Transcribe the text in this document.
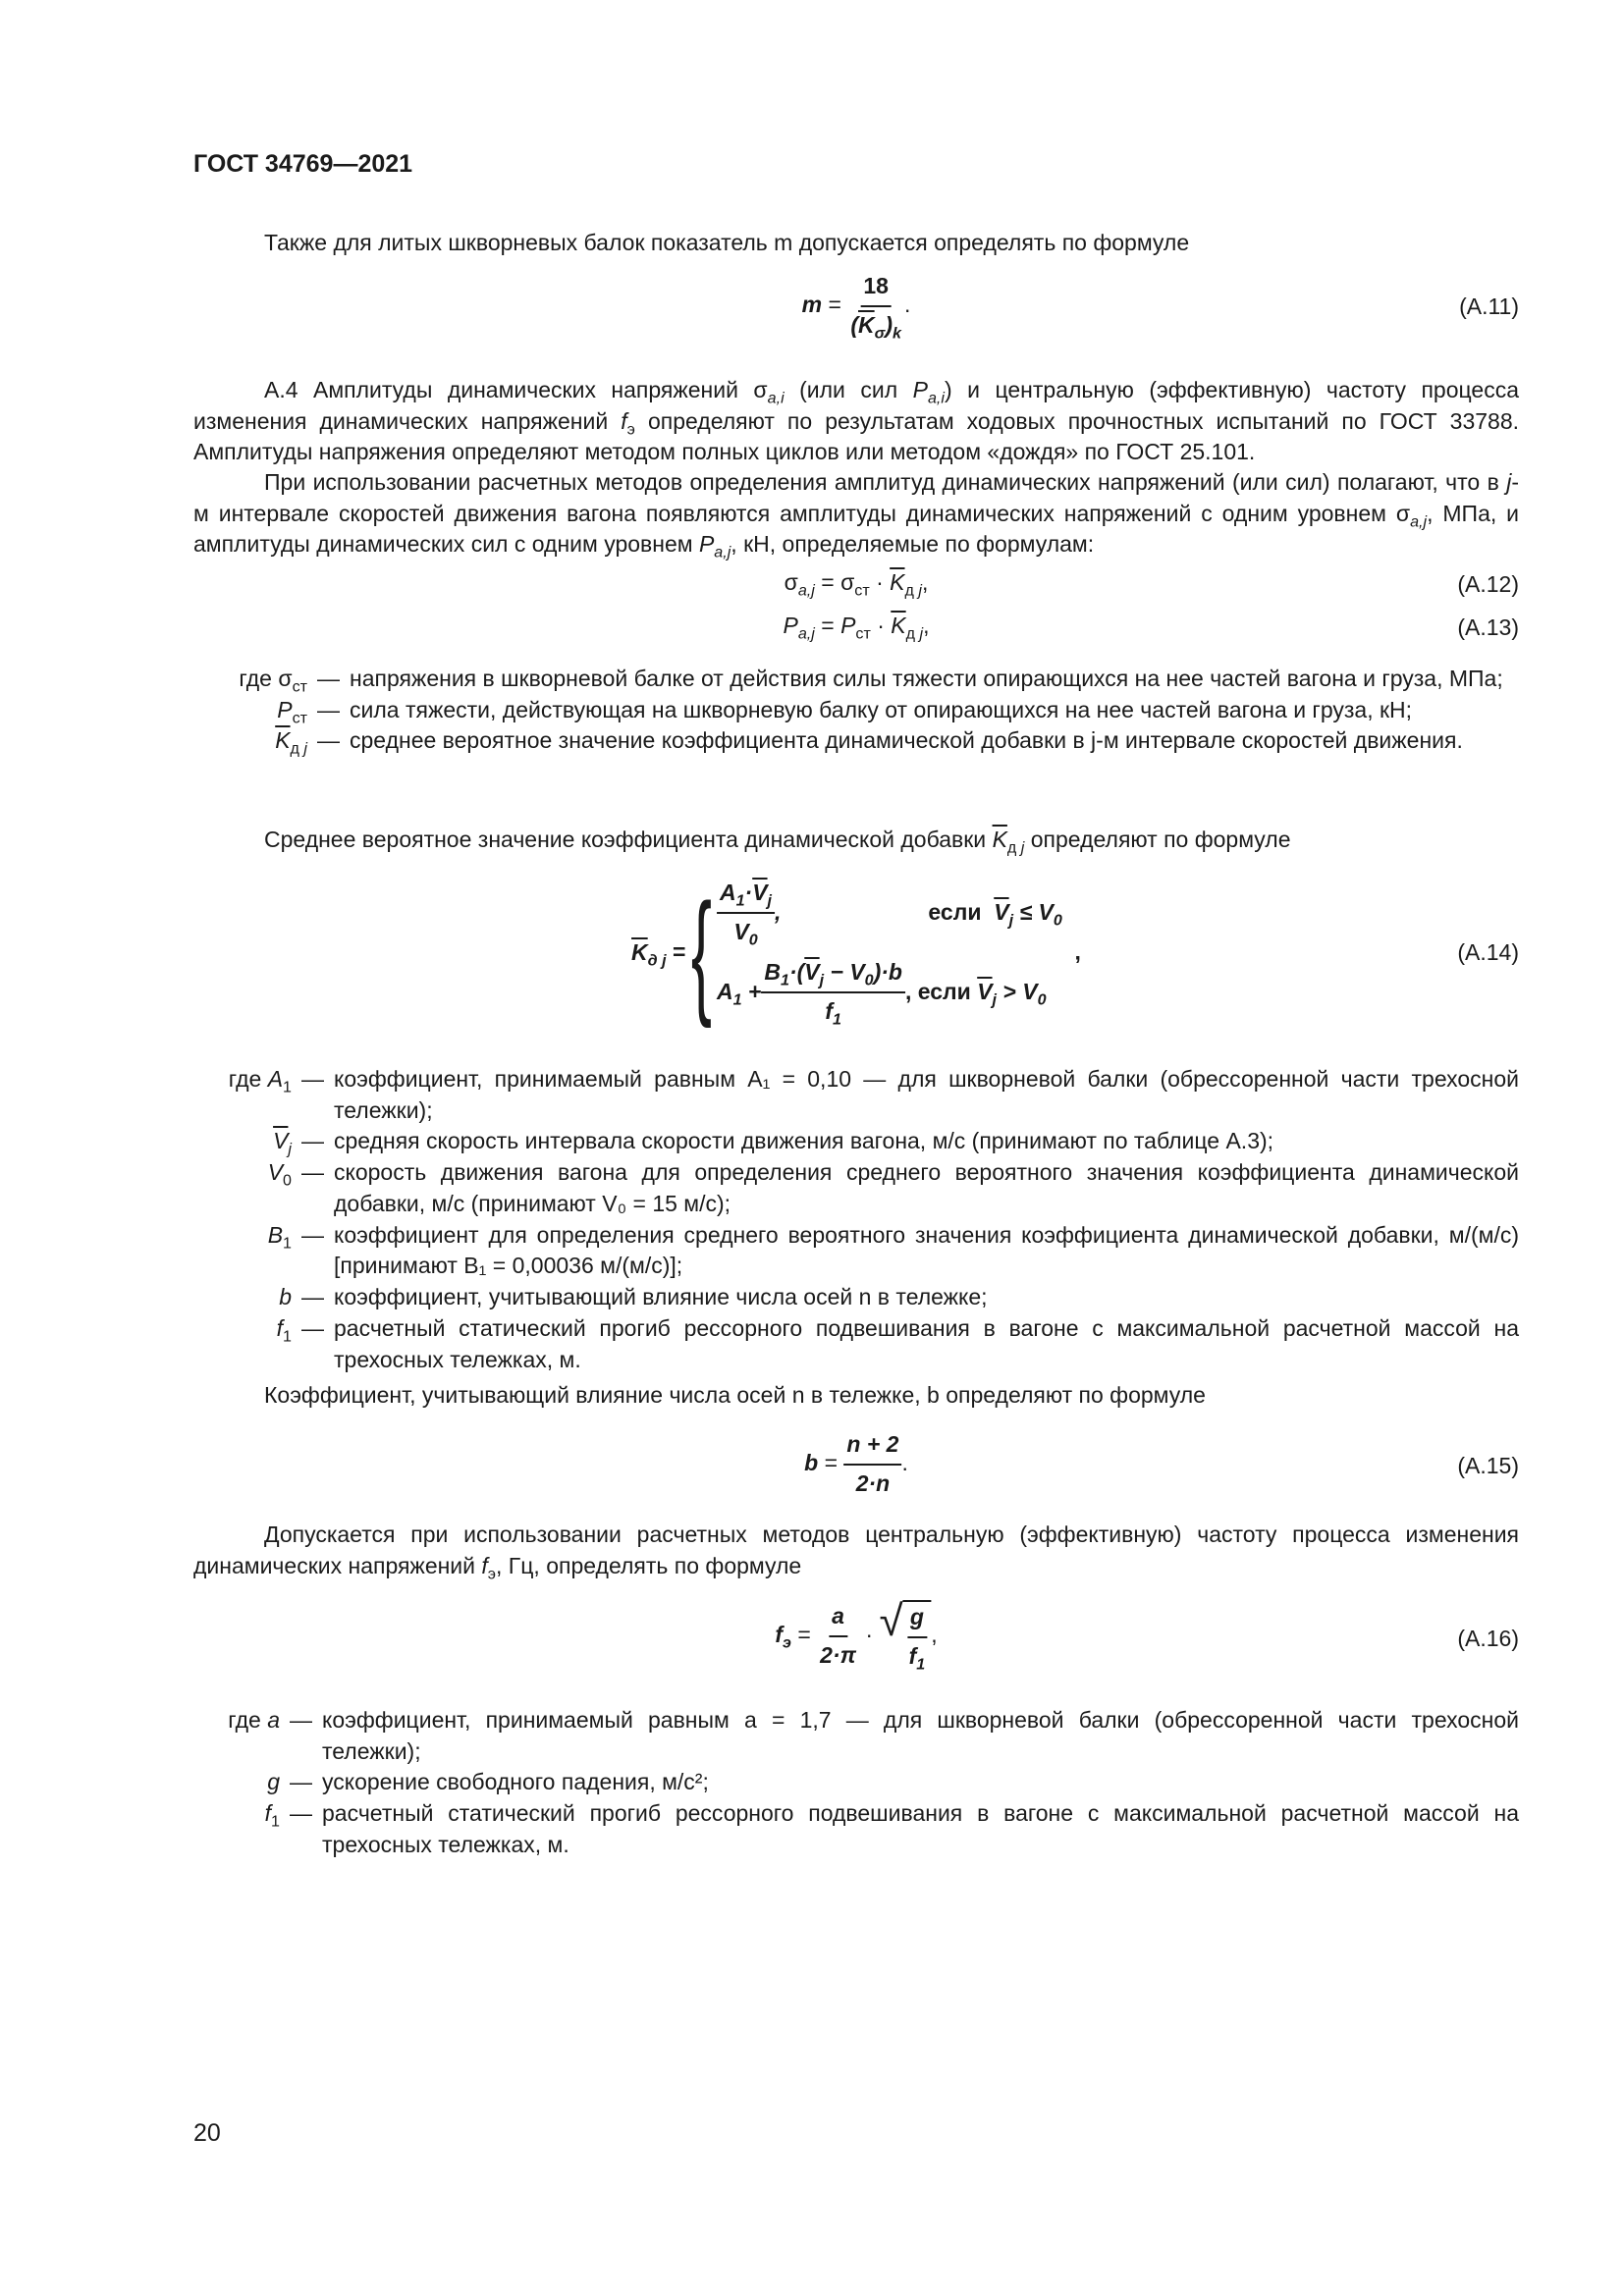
ГОСТ 34769—2021

Также для литых шкворневых балок показатель m допускается определять по формуле

$m = \frac{18}{(\overline{K}_\sigma)_k}$ .	(А.11)

А.4 Амплитуды динамических напряжений $\sigma_{a,i}$ (или сил $P_{a,i}$) и центральную (эффективную) частоту процесса изменения динамических напряжений $f_э$ определяют по результатам ходовых прочностных испытаний по ГОСТ 33788. Амплитуды напряжения определяют методом полных циклов или методом «дождя» по ГОСТ 25.101.

При использовании расчетных методов определения амплитуд динамических напряжений (или сил) полагают, что в j-м интервале скоростей движения вагона появляются амплитуды динамических напряжений с одним уровнем $\sigma_{a,j}$, МПа, и амплитуды динамических сил с одним уровнем $P_{a,j}$, кН, определяемые по формулам:

$\sigma_{a,j} = \sigma_{ст} \cdot \overline{K}_{д j}$,	(А.12)
$P_{a,j} = P_{ст} \cdot \overline{K}_{д j}$,	(А.13)
где $\sigma_{ст}$ — напряжения в шкворневой балке от действия силы тяжести опирающихся на нее частей вагона и груза, МПа;
$P_{ст}$ — сила тяжести, действующая на шкворневую балку от опирающихся на нее частей вагона и груза, кН;
$\overline{K}_{д j}$ — среднее вероятное значение коэффициента динамической добавки в j-м интервале скоростей движения.

Среднее вероятное значение коэффициента динамической добавки $\overline{K}_{д j}$ определяют по формуле

$\overline{K}_{д j}$ = { $\frac{A_1\cdot\overline{V}_j}{V_0}$ ,	если $\overline{V}_j \le V_0$
$A_1 + \frac{B_1\cdot(\overline{V}_j - V_0)\cdot b}{f_1}$ , если $\overline{V}_j > V_0$
,	(А.14)
где $A_1$ — коэффициент, принимаемый равным A₁ = 0,10 — для шкворневой балки (обрессоренной части трехосной тележки);
$\overline{V}_j$ — средняя скорость интервала скорости движения вагона, м/с (принимают по таблице А.3);
$V_0$ — скорость движения вагона для определения среднего вероятного значения коэффициента динамической добавки, м/с (принимают V₀ = 15 м/с);
$B_1$ — коэффициент для определения среднего вероятного значения коэффициента динамической добавки, м/(м/с) [принимают B₁ = 0,00036 м/(м/с)];
b — коэффициент, учитывающий влияние числа осей n в тележке;
$f_1$ — расчетный статический прогиб рессорного подвешивания в вагоне с максимальной расчетной массой на трехосных тележках, м.

Коэффициент, учитывающий влияние числа осей n в тележке, b определяют по формуле

$b = \frac{n + 2}{2\cdot n}$ .	(А.15)

Допускается при использовании расчетных методов центральную (эффективную) частоту процесса изменения динамических напряжений $f_э$, Гц, определять по формуле

$f_э = \frac{a}{2\cdot\pi}$ · √ $\frac{g}{f_1}$ ,	(А.16)
где a — коэффициент, принимаемый равным a = 1,7 — для шкворневой балки (обрессоренной части трехосной тележки);
g — ускорение свободного падения, м/с²;
$f_1$ — расчетный статический прогиб рессорного подвешивания в вагоне с максимальной расчетной массой на трехосных тележках, м.
20
